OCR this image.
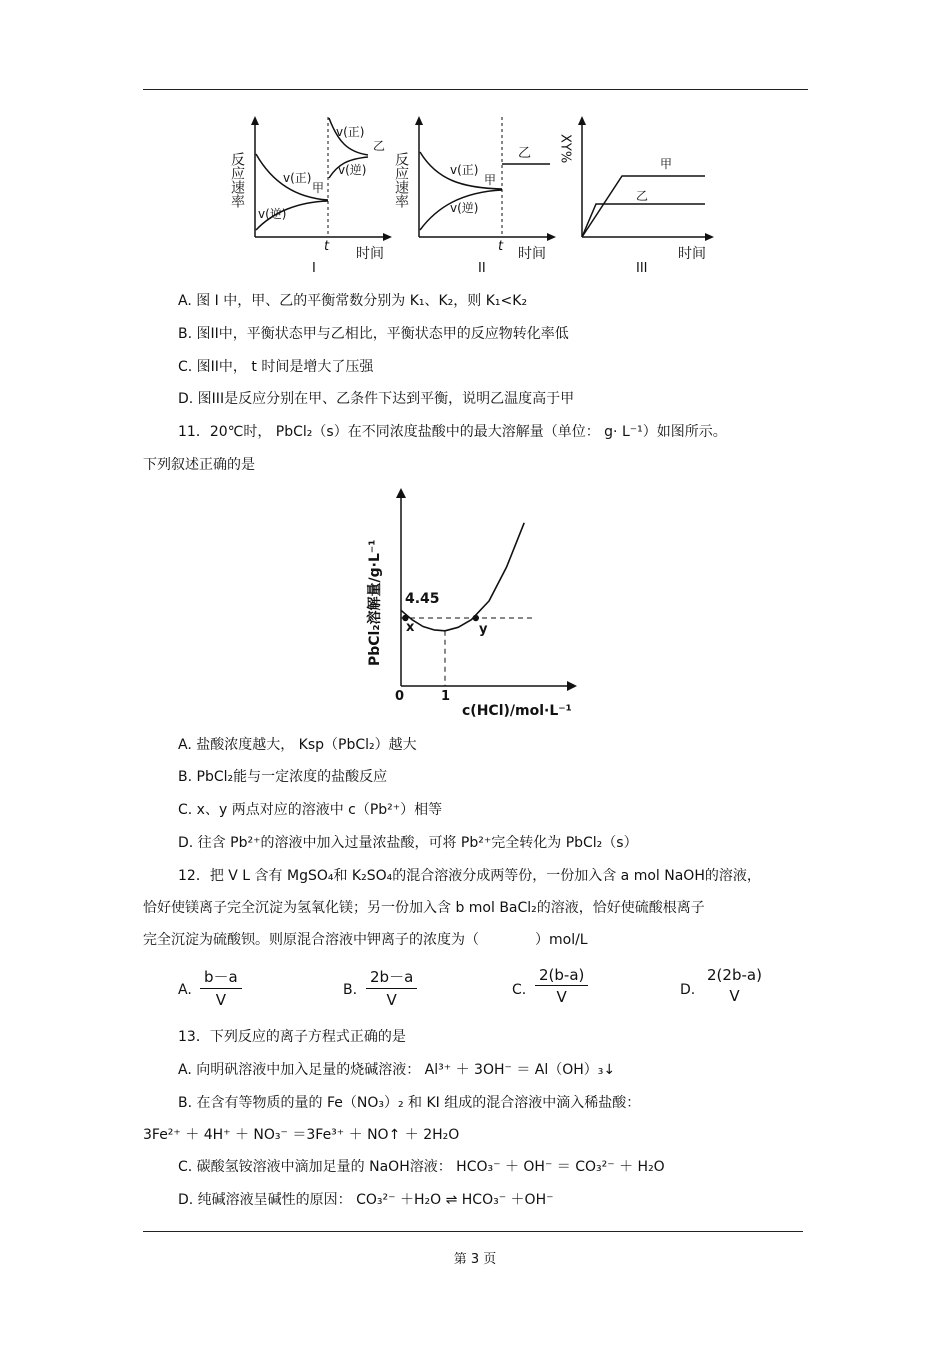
反应速率	v(正)
v(逆)
甲
v(正)
v(逆)
乙
t 时间
I
反应速率	v(正)
v(逆)
甲
乙
t 时间
II
XY%
甲
乙
时间
III
A. 图 I 中，甲、乙的平衡常数分别为 K₁、K₂，则 K₁<K₂
B. 图II中，平衡状态甲与乙相比，平衡状态甲的反应物转化率低
C. 图II中， t 时间是增大了压强
D. 图III是反应分别在甲、乙条件下达到平衡，说明乙温度高于甲
11．20℃时， PbCl₂（s）在不同浓度盐酸中的最大溶解量（单位： g· L⁻¹）如图所示。
下列叙述正确的是
PbCl₂溶解量/g·L⁻¹
0	1
c(HCl)/mol·L⁻¹
4.45
x	y
A. 盐酸浓度越大， Ksp（PbCl₂）越大
B. PbCl₂能与一定浓度的盐酸反应
C. x、y 两点对应的溶液中 c（Pb²⁺）相等
D. 往含 Pb²⁺的溶液中加入过量浓盐酸，可将 Pb²⁺完全转化为 PbCl₂（s）
12．把 V L 含有 MgSO₄和 K₂SO₄的混合溶液分成两等份，一份加入含 a mol NaOH的溶液，
恰好使镁离子完全沉淀为氢氧化镁；另一份加入含 b mol BaCl₂的溶液，恰好使硫酸根离子
完全沉淀为硫酸钡。则原混合溶液中钾离子的浓度为（　　　　）mol/L
A. $\frac{b-a}{V}$	B. $\frac{2b-a}{V}$	C. $\frac{2(b-a)}{V}$	D.
2(2b-a)
V
13．下列反应的离子方程式正确的是
A. 向明矾溶液中加入足量的烧碱溶液： Al³⁺ ＋ 3OH⁻ ＝ Al（OH）₃↓
B. 在含有等物质的量的 Fe（NO₃）₂ 和 KI 组成的混合溶液中滴入稀盐酸：
3Fe²⁺ ＋ 4H⁺ ＋ NO₃⁻ ＝3Fe³⁺ ＋ NO↑ ＋ 2H₂O
C. 碳酸氢铵溶液中滴加足量的 NaOH溶液： HCO₃⁻ ＋ OH⁻ ＝ CO₃²⁻ ＋ H₂O
D. 纯碱溶液呈碱性的原因： CO₃²⁻ ＋H₂O ⇌ HCO₃⁻ ＋OH⁻
第 3 页
